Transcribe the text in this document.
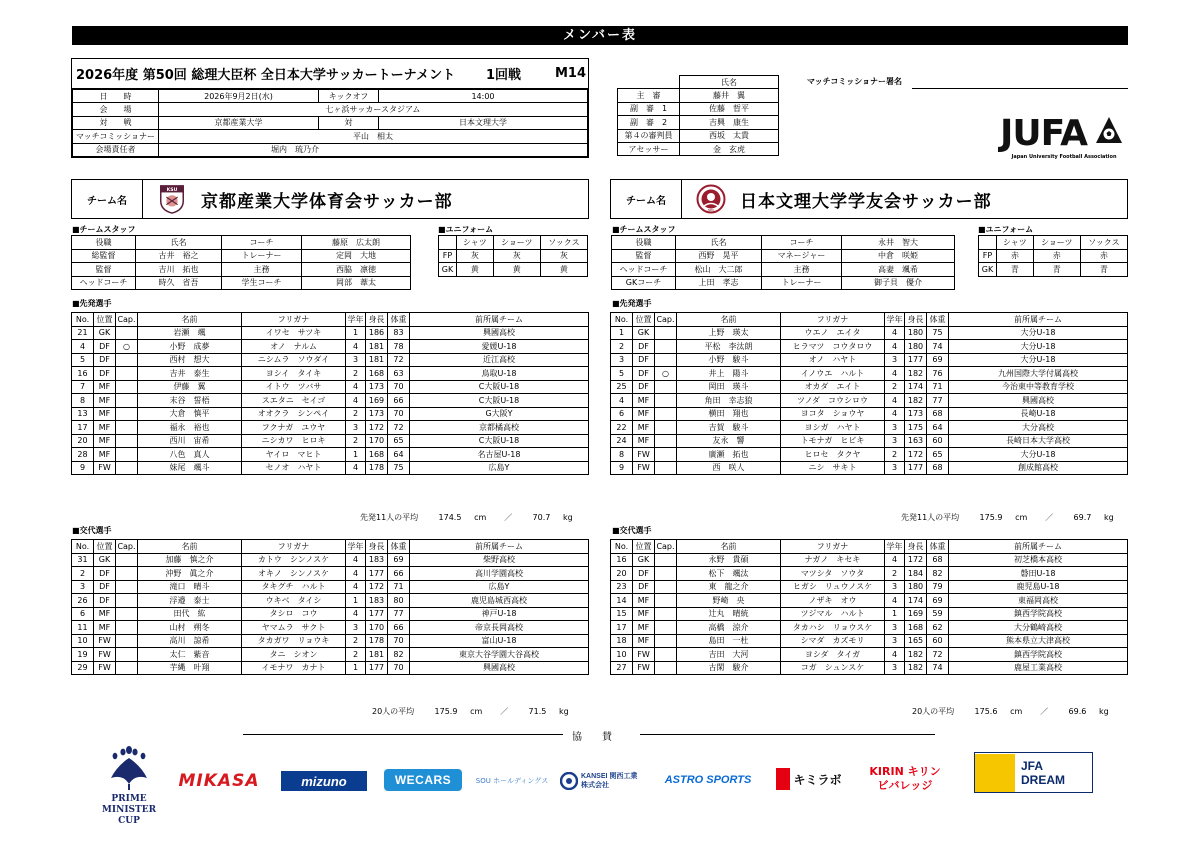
メンバー表
2026年度 第50回 総理大臣杯 全日本大学サッカートーナメント	1回戦	M14
日　　時	2026年9月2日(水)	キックオフ	14:00
会　　場	七ヶ浜サッカースタジアム		
対　　戦	京都産業大学	対	日本文理大学
マッチコミッショナー	平山　相太		
会場責任者	堀内　琉乃介		
	氏名
主　審	藤井　翼
副　審　1	佐藤　晢平
副　審　2	吉興　康生
第４の審判員	西坂　太貴
アセッサー	金　玄虎
マッチコミッショナー署名
JUFA
Japan University Football Association
チーム名
KSU
京都産業大学体育会サッカー部	チーム名
NBU 日本文理大学学友会サッカー部
■チームスタッフ	■ユニフォーム	■チームスタッフ	■ユニフォーム
■先発選手	■先発選手
■交代選手	■交代選手
役職	氏名	コーチ	藤原　広太朗
総監督	古井　裕之	トレーナー	定岡　大地
監督	吉川　拓也	主務	西脇　凛徳
ヘッドコーチ	時久　省吾	学生コーチ	岡部　葦太
役職	氏名	コーチ	永井　智大
監督	西野　晃平	マネージャー	中倉　咲姫
ヘッドコーチ	松山　大二郎	主務	高妻　颯希
GKコーチ	上田　孝志	トレーナー	御子貝　優介
	シャツ	ショーツ	ソックス
FP	灰	灰	灰
GK	黄	黄	黄
	シャツ	ショーツ	ソックス
FP	赤	赤	赤
GK	青	青	青
No.	位置	Cap.	名前	フリガナ	学年	身長	体重	前所属チーム
21	GK		岩瀬　颯	イワセ　サツキ	1	186	83	興國高校
4	DF	○	小野　成夢	オノ　ナルム	4	181	78	愛媛U-18
5	DF		西村　想大	ニシムラ　ソウダイ	3	181	72	近江高校
16	DF		吉井　泰生	ヨシイ　タイキ	2	168	63	鳥取U-18
7	MF		伊藤　翼	イトウ　ツバサ	4	173	70	C大阪U-18
8	MF		末谷　誓梧	スエタニ　セイゴ	4	169	66	C大阪U-18
13	MF		大倉　慎平	オオクラ　シンペイ	2	173	70	G大阪Y
17	MF		福永　裕也	フクナガ　ユウヤ	3	172	72	京都橘高校
20	MF		西川　宙希	ニシカワ　ヒロキ	2	170	65	C大阪U-18
28	MF		八色　真人	ヤイロ　マヒト	1	168	64	名古屋U-18
9	FW		妹尾　颯斗	セノオ　ハヤト	4	178	75	広島Y
No.	位置	Cap.	名前	フリガナ	学年	身長	体重	前所属チーム
1	GK		上野　瑛太	ウエノ　エイタ	4	180	75	大分U-18
2	DF		平松　李汰朗	ヒラマツ　コウタロウ	4	180	74	大分U-18
3	DF		小野　駿斗	オノ　ハヤト	3	177	69	大分U-18
5	DF	○	井上　陽斗	イノウエ　ハルト	4	182	76	九州国際大学付属高校
25	DF		岡田　瑛斗	オカダ　エイト	2	174	71	今治東中等教育学校
4	MF		角田　幸志狼	ツノダ　コウシロウ	4	182	77	興國高校
6	MF		横田　翔也	ヨコタ　ショウヤ	4	173	68	長崎U-18
22	MF		吉賀　駿斗	ヨシガ　ハヤト	3	175	64	大分高校
24	MF		友永　響	トモナガ　ヒビキ	3	163	60	長崎日本大学高校
8	FW		廣瀬　拓也	ヒロセ　タクヤ	2	172	65	大分U-18
9	FW		西　咲人	ニシ　サキト	3	177	68	創成館高校
No.	位置	Cap.	名前	フリガナ	学年	身長	体重	前所属チーム
31	GK		加藤　慎之介	カトウ　シンノスケ	4	183	69	柴野高校
2	DF		沖野　眞之介	オキノ　シンノスケ	4	177	66	高川学園高校
3	DF		滝口　晴斗	タキグチ　ハルト	4	172	71	広島Y
26	DF		浮邉　泰士	ウキベ　タイシ	1	183	80	鹿児島城西高校
6	MF		田代　紘	タシロ　コウ	4	177	77	神戸U-18
11	MF		山村　朔冬	ヤマムラ　サクト	3	170	66	帝京長岡高校
10	FW		高川　諒希	タカガワ　リョウキ	2	178	70	富山U-18
19	FW		太仁　紫音	タニ　シオン	2	181	82	東京大谷学園大谷高校
29	FW		芋縄　叶翔	イモナワ　カナト	1	177	70	興國高校
No.	位置	Cap.	名前	フリガナ	学年	身長	体重	前所属チーム
16	GK		永野　貴碩	ナガノ　キセキ	4	172	68	初芝橋本高校
20	DF		松下　颯汰	マツシタ　ソウタ	2	184	82	磐田U-18
23	DF		東　龍之介	ヒガシ　リュウノスケ	3	180	79	鹿児島U-18
14	MF		野崎　央	ノザキ　オウ	4	174	69	東福岡高校
15	MF		辻丸　晴統	ツジマル　ハルト	1	169	59	鎮西学院高校
17	MF		高橋　涼介	タカハシ　リョウスケ	3	168	62	大分鶴崎高校
18	MF		島田　一杜	シマダ　カズモリ	3	165	60	熊本県立大津高校
10	FW		吉田　大河	ヨシダ　タイガ	4	182	72	鎮西学院高校
27	FW		古閑　駿介	コガ　シュンスケ	3	182	74	鹿屋工業高校
先発11人の平均	174.5 cm ／	70.7 kg	先発11人の平均	175.9 cm ／	69.7 kg
20人の平均	175.9 cm ／	71.5 kg	20人の平均	175.6 cm ／	69.6 kg
協賛
PRIME MINISTER CUP
MIKASA	mizuno	WECARS	SOU ホールディングス
KANSEI 関西工業株式会社	ASTRO SPORTS	キミラボ
KIRIN キリンビバレッジ
JFA DREAM
